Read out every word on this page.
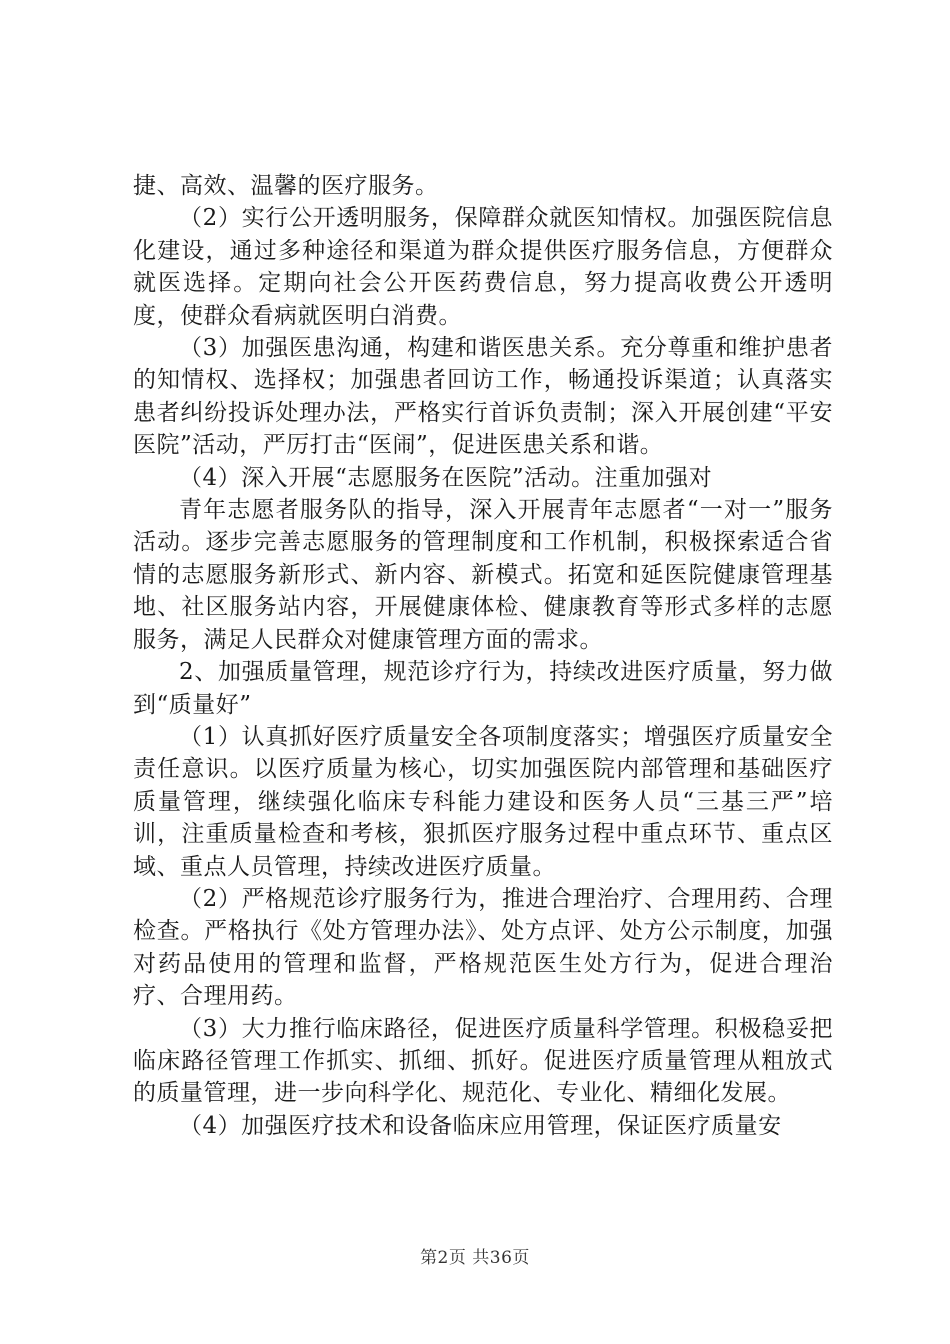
捷、高效、温馨的医疗服务。

（2）实行公开透明服务，保障群众就医知情权。加强医院信息化建设，通过多种途径和渠道为群众提供医疗服务信息，方便群众就医选择。定期向社会公开医药费信息，努力提高收费公开透明度，使群众看病就医明白消费。

（3）加强医患沟通，构建和谐医患关系。充分尊重和维护患者的知情权、选择权；加强患者回访工作，畅通投诉渠道；认真落实患者纠纷投诉处理办法，严格实行首诉负责制；深入开展创建“平安医院”活动，严厉打击“医闹”，促进医患关系和谐。

（4）深入开展“志愿服务在医院”活动。注重加强对

青年志愿者服务队的指导，深入开展青年志愿者“一对一”服务活动。逐步完善志愿服务的管理制度和工作机制，积极探索适合省情的志愿服务新形式、新内容、新模式。拓宽和延医院健康管理基地、社区服务站内容，开展健康体检、健康教育等形式多样的志愿服务，满足人民群众对健康管理方面的需求。

2、加强质量管理，规范诊疗行为，持续改进医疗质量，努力做到“质量好”

（1）认真抓好医疗质量安全各项制度落实；增强医疗质量安全责任意识。以医疗质量为核心，切实加强医院内部管理和基础医疗质量管理，继续强化临床专科能力建设和医务人员“三基三严”培训，注重质量检查和考核，狠抓医疗服务过程中重点环节、重点区域、重点人员管理，持续改进医疗质量。

（2）严格规范诊疗服务行为，推进合理治疗、合理用药、合理检查。严格执行《处方管理办法》、处方点评、处方公示制度，加强对药品使用的管理和监督，严格规范医生处方行为，促进合理治疗、合理用药。

（3）大力推行临床路径，促进医疗质量科学管理。积极稳妥把临床路径管理工作抓实、抓细、抓好。促进医疗质量管理从粗放式的质量管理，进一步向科学化、规范化、专业化、精细化发展。

（4）加强医疗技术和设备临床应用管理，保证医疗质量安

第2页 共36页
